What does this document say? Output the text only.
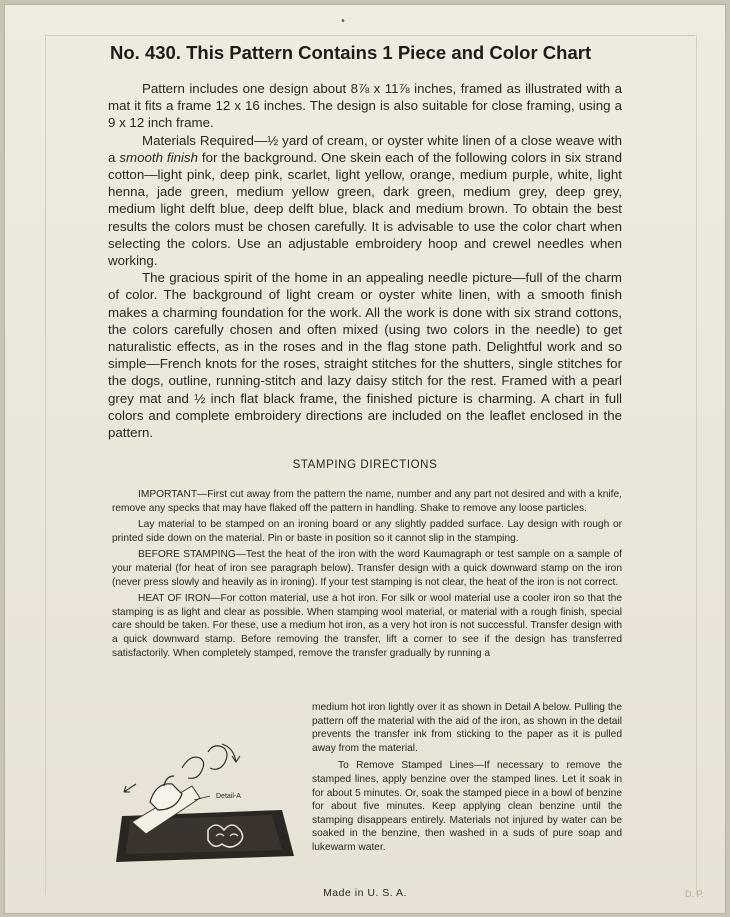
•
No. 430. This Pattern Contains 1 Piece and Color Chart

Pattern includes one design about 8⅞ x 11⅞ inches, framed as illustrated with a mat it fits a frame 12 x 16 inches. The design is also suitable for close framing, using a 9 x 12 inch frame.

Materials Required—½ yard of cream, or oyster white linen of a close weave with a smooth finish for the background. One skein each of the following colors in six strand cotton—light pink, deep pink, scarlet, light yellow, orange, medium purple, white, light henna, jade green, medium yellow green, dark green, medium grey, deep grey, medium light delft blue, deep delft blue, black and medium brown. To obtain the best results the colors must be chosen carefully. It is advisable to use the color chart when selecting the colors. Use an adjustable embroidery hoop and crewel needles when working.

The gracious spirit of the home in an appealing needle picture—full of the charm of color. The background of light cream or oyster white linen, with a smooth finish makes a charming foundation for the work. All the work is done with six strand cottons, the colors carefully chosen and often mixed (using two colors in the needle) to get naturalistic effects, as in the roses and in the flag stone path. Delightful work and so simple—French knots for the roses, straight stitches for the shutters, single stitches for the dogs, outline, running-stitch and lazy daisy stitch for the rest. Framed with a pearl grey mat and ½ inch flat black frame, the finished picture is charming. A chart in full colors and complete embroidery directions are included on the leaflet enclosed in the pattern.

STAMPING DIRECTIONS

IMPORTANT—First cut away from the pattern the name, number and any part not desired and with a knife, remove any specks that may have flaked off the pattern in handling. Shake to remove any loose particles.

Lay material to be stamped on an ironing board or any slightly padded surface. Lay design with rough or printed side down on the material. Pin or baste in position so it cannot slip in the stamping.

BEFORE STAMPING—Test the heat of the iron with the word Kaumagraph or test sample on a sample of your material (for heat of iron see paragraph below). Transfer design with a quick downward stamp on the iron (never press slowly and heavily as in ironing). If your test stamping is not clear, the heat of the iron is not correct.

HEAT OF IRON—For cotton material, use a hot iron. For silk or wool material use a cooler iron so that the stamping is as light and clear as possible. When stamping wool material, or material with a rough finish, special care should be taken. For these, use a medium hot iron, as a very hot iron is not successful. Transfer design with a quick downward stamp. Before removing the transfer, lift a corner to see if the design has transferred satisfactorily. When completely stamped, remove the transfer gradually by running a

medium hot iron lightly over it as shown in Detail A below. Pulling the pattern off the material with the aid of the iron, as shown in the detail prevents the transfer ink from sticking to the paper as it is pulled away from the material.

To Remove Stamped Lines—If necessary to remove the stamped lines, apply benzine over the stamped lines. Let it soak in for about 5 minutes. Or, soak the stamped piece in a bowl of benzine for about five minutes. Keep applying clean benzine until the stamping disappears entirely. Materials not injured by water can be soaked in the benzine, then washed in a suds of pure soap and lukewarm water.

Detail-A
Made in U. S. A.	D. P.
